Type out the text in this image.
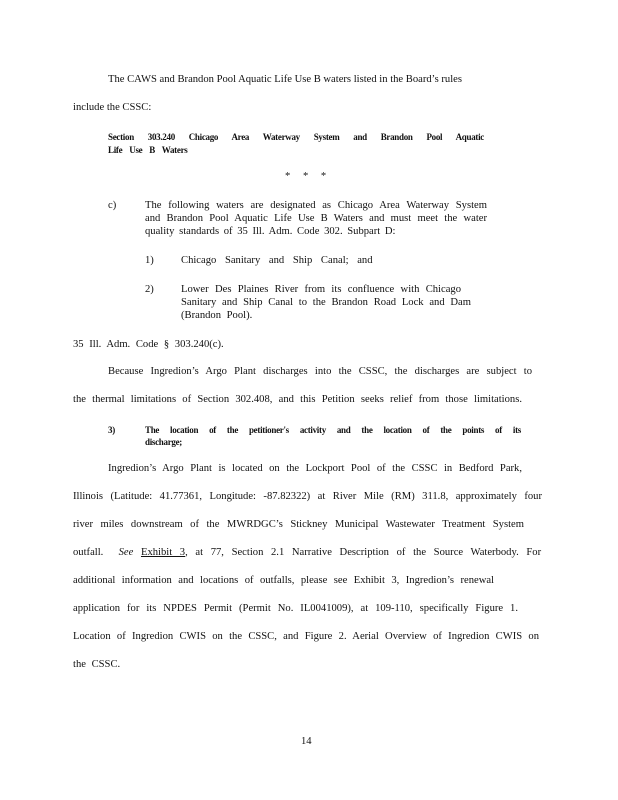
The CAWS and Brandon Pool Aquatic Life Use B waters listed in the Board’s rules
include the CSSC:
Section 303.240 Chicago Area Waterway System and Brandon Pool Aquatic
Life Use B Waters
* * *
c)	The following waters are designated as Chicago Area Waterway System
and Brandon Pool Aquatic Life Use B Waters and must meet the water
quality standards of 35 Ill. Adm. Code 302. Subpart D:
1)	Chicago Sanitary and Ship Canal; and
2)	Lower Des Plaines River from its confluence with Chicago
Sanitary and Ship Canal to the Brandon Road Lock and Dam
(Brandon Pool).
35 Ill. Adm. Code § 303.240(c).
Because Ingredion’s Argo Plant discharges into the CSSC, the discharges are subject to
the thermal limitations of Section 302.408, and this Petition seeks relief from those limitations.
3)	The location of the petitioner's activity and the location of the points of its
discharge;
Ingredion’s Argo Plant is located on the Lockport Pool of the CSSC in Bedford Park,
Illinois (Latitude: 41.77361, Longitude: -87.82322) at River Mile (RM) 311.8, approximately four
river miles downstream of the MWRDGC’s Stickney Municipal Wastewater Treatment System
outfall. See Exhibit 3, at 77, Section 2.1 Narrative Description of the Source Waterbody. For
additional information and locations of outfalls, please see Exhibit 3, Ingredion’s renewal
application for its NPDES Permit (Permit No. IL0041009), at 109-110, specifically Figure 1.
Location of Ingredion CWIS on the CSSC, and Figure 2. Aerial Overview of Ingredion CWIS on
the CSSC.
14
